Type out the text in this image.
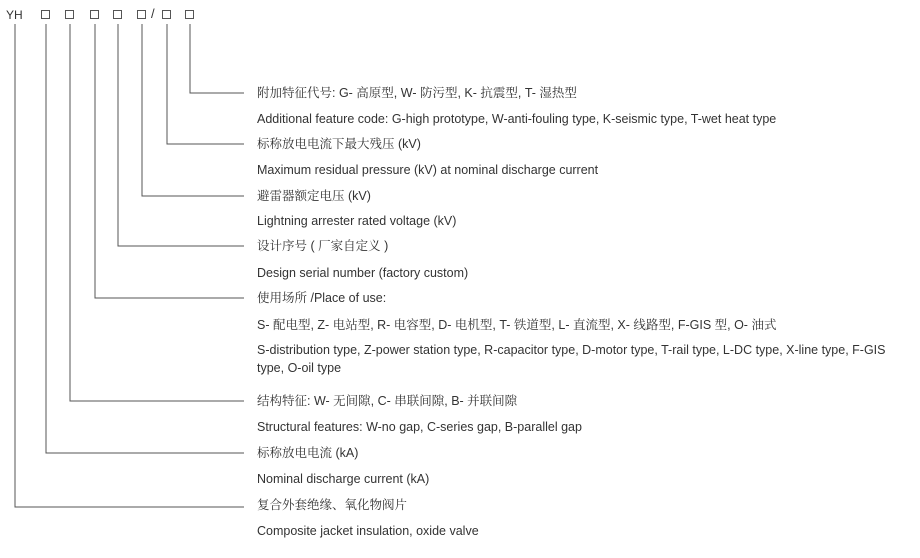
YH	/
附加特征代号: G- 高原型, W- 防污型, K- 抗震型, T- 湿热型
Additional feature code: G-high prototype, W-anti-fouling type, K-seismic type, T-wet heat type
标称放电电流下最大残压 (kV)
Maximum residual pressure (kV) at nominal discharge current
避雷器额定电压 (kV)
Lightning arrester rated voltage (kV)
设计序号 ( 厂家自定义 )
Design serial number (factory custom)
使用场所 /Place of use:
S- 配电型, Z- 电站型, R- 电容型, D- 电机型, T- 铁道型, L- 直流型, X- 线路型, F-GIS 型, O- 油式
S-distribution type, Z-power station type, R-capacitor type, D-motor type, T-rail type, L-DC type, X-line type, F-GIS type, O-oil type
结构特征: W- 无间隙, C- 串联间隙, B- 并联间隙
Structural features: W-no gap, C-series gap, B-parallel gap
标称放电电流 (kA)
Nominal discharge current (kA)
复合外套绝缘、氧化物阀片
Composite jacket insulation, oxide valve
